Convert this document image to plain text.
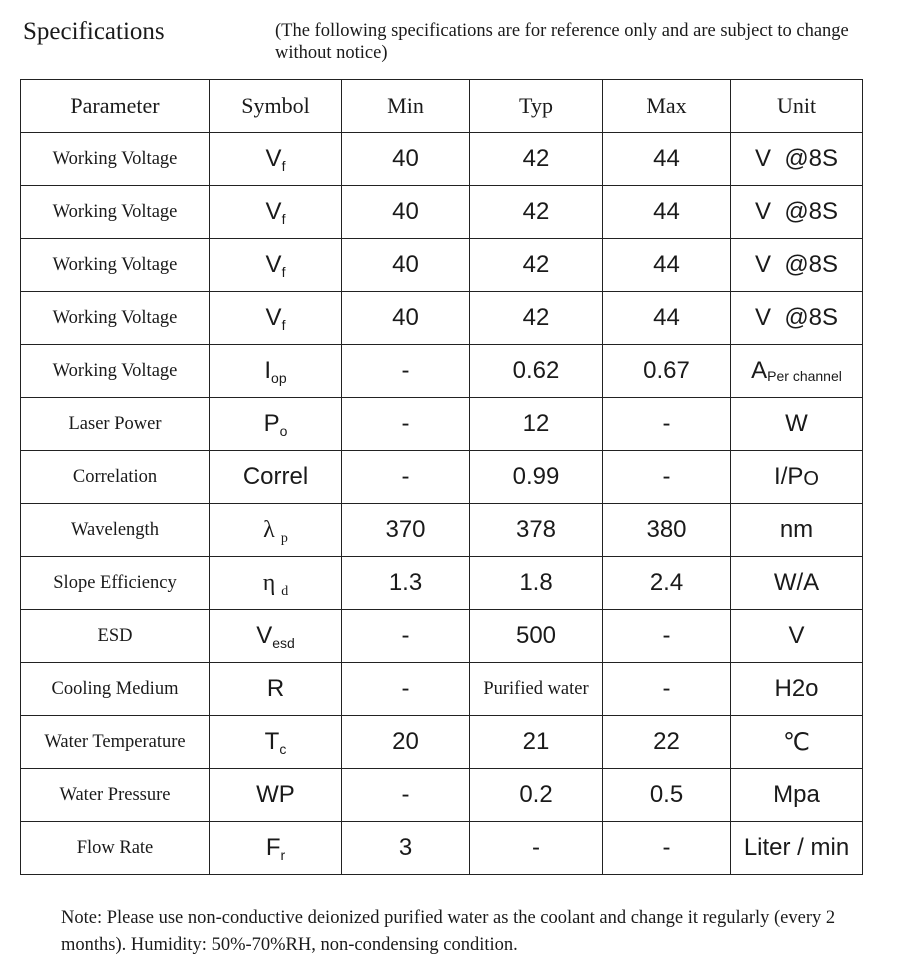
Specifications	(The following specifications are for reference only and are subject to change without notice)
Parameter	Symbol	Min	Typ	Max	Unit
Working Voltage	$V_f$	40	42	44	V  @8S
Working Voltage	$V_f$	40	42	44	V  @8S
Working Voltage	$V_f$	40	42	44	V  @8S
Working Voltage	$V_f$	40	42	44	V  @8S
Working Voltage	$I_{op}$	-	0.62	0.67	APer channel
Laser Power	$P_o$	-	12	-	W
Correlation	Correl	-	0.99	-	I/PO
Wavelength	λ $_p$	370	378	380	nm
Slope Efficiency	η $_d$	1.3	1.8	2.4	W/A
ESD	$V_{esd}$	-	500	-	V
Cooling Medium	R	-	Purified water	-	H2o
Water Temperature	$T_c$	20	21	22	℃
Water Pressure	WP	-	0.2	0.5	Mpa
Flow Rate	$F_r$	3	-	-	Liter / min
Note: Please use non-conductive deionized purified water as the coolant and change it regularly (every 2 months). Humidity: 50%-70%RH, non-condensing condition.
